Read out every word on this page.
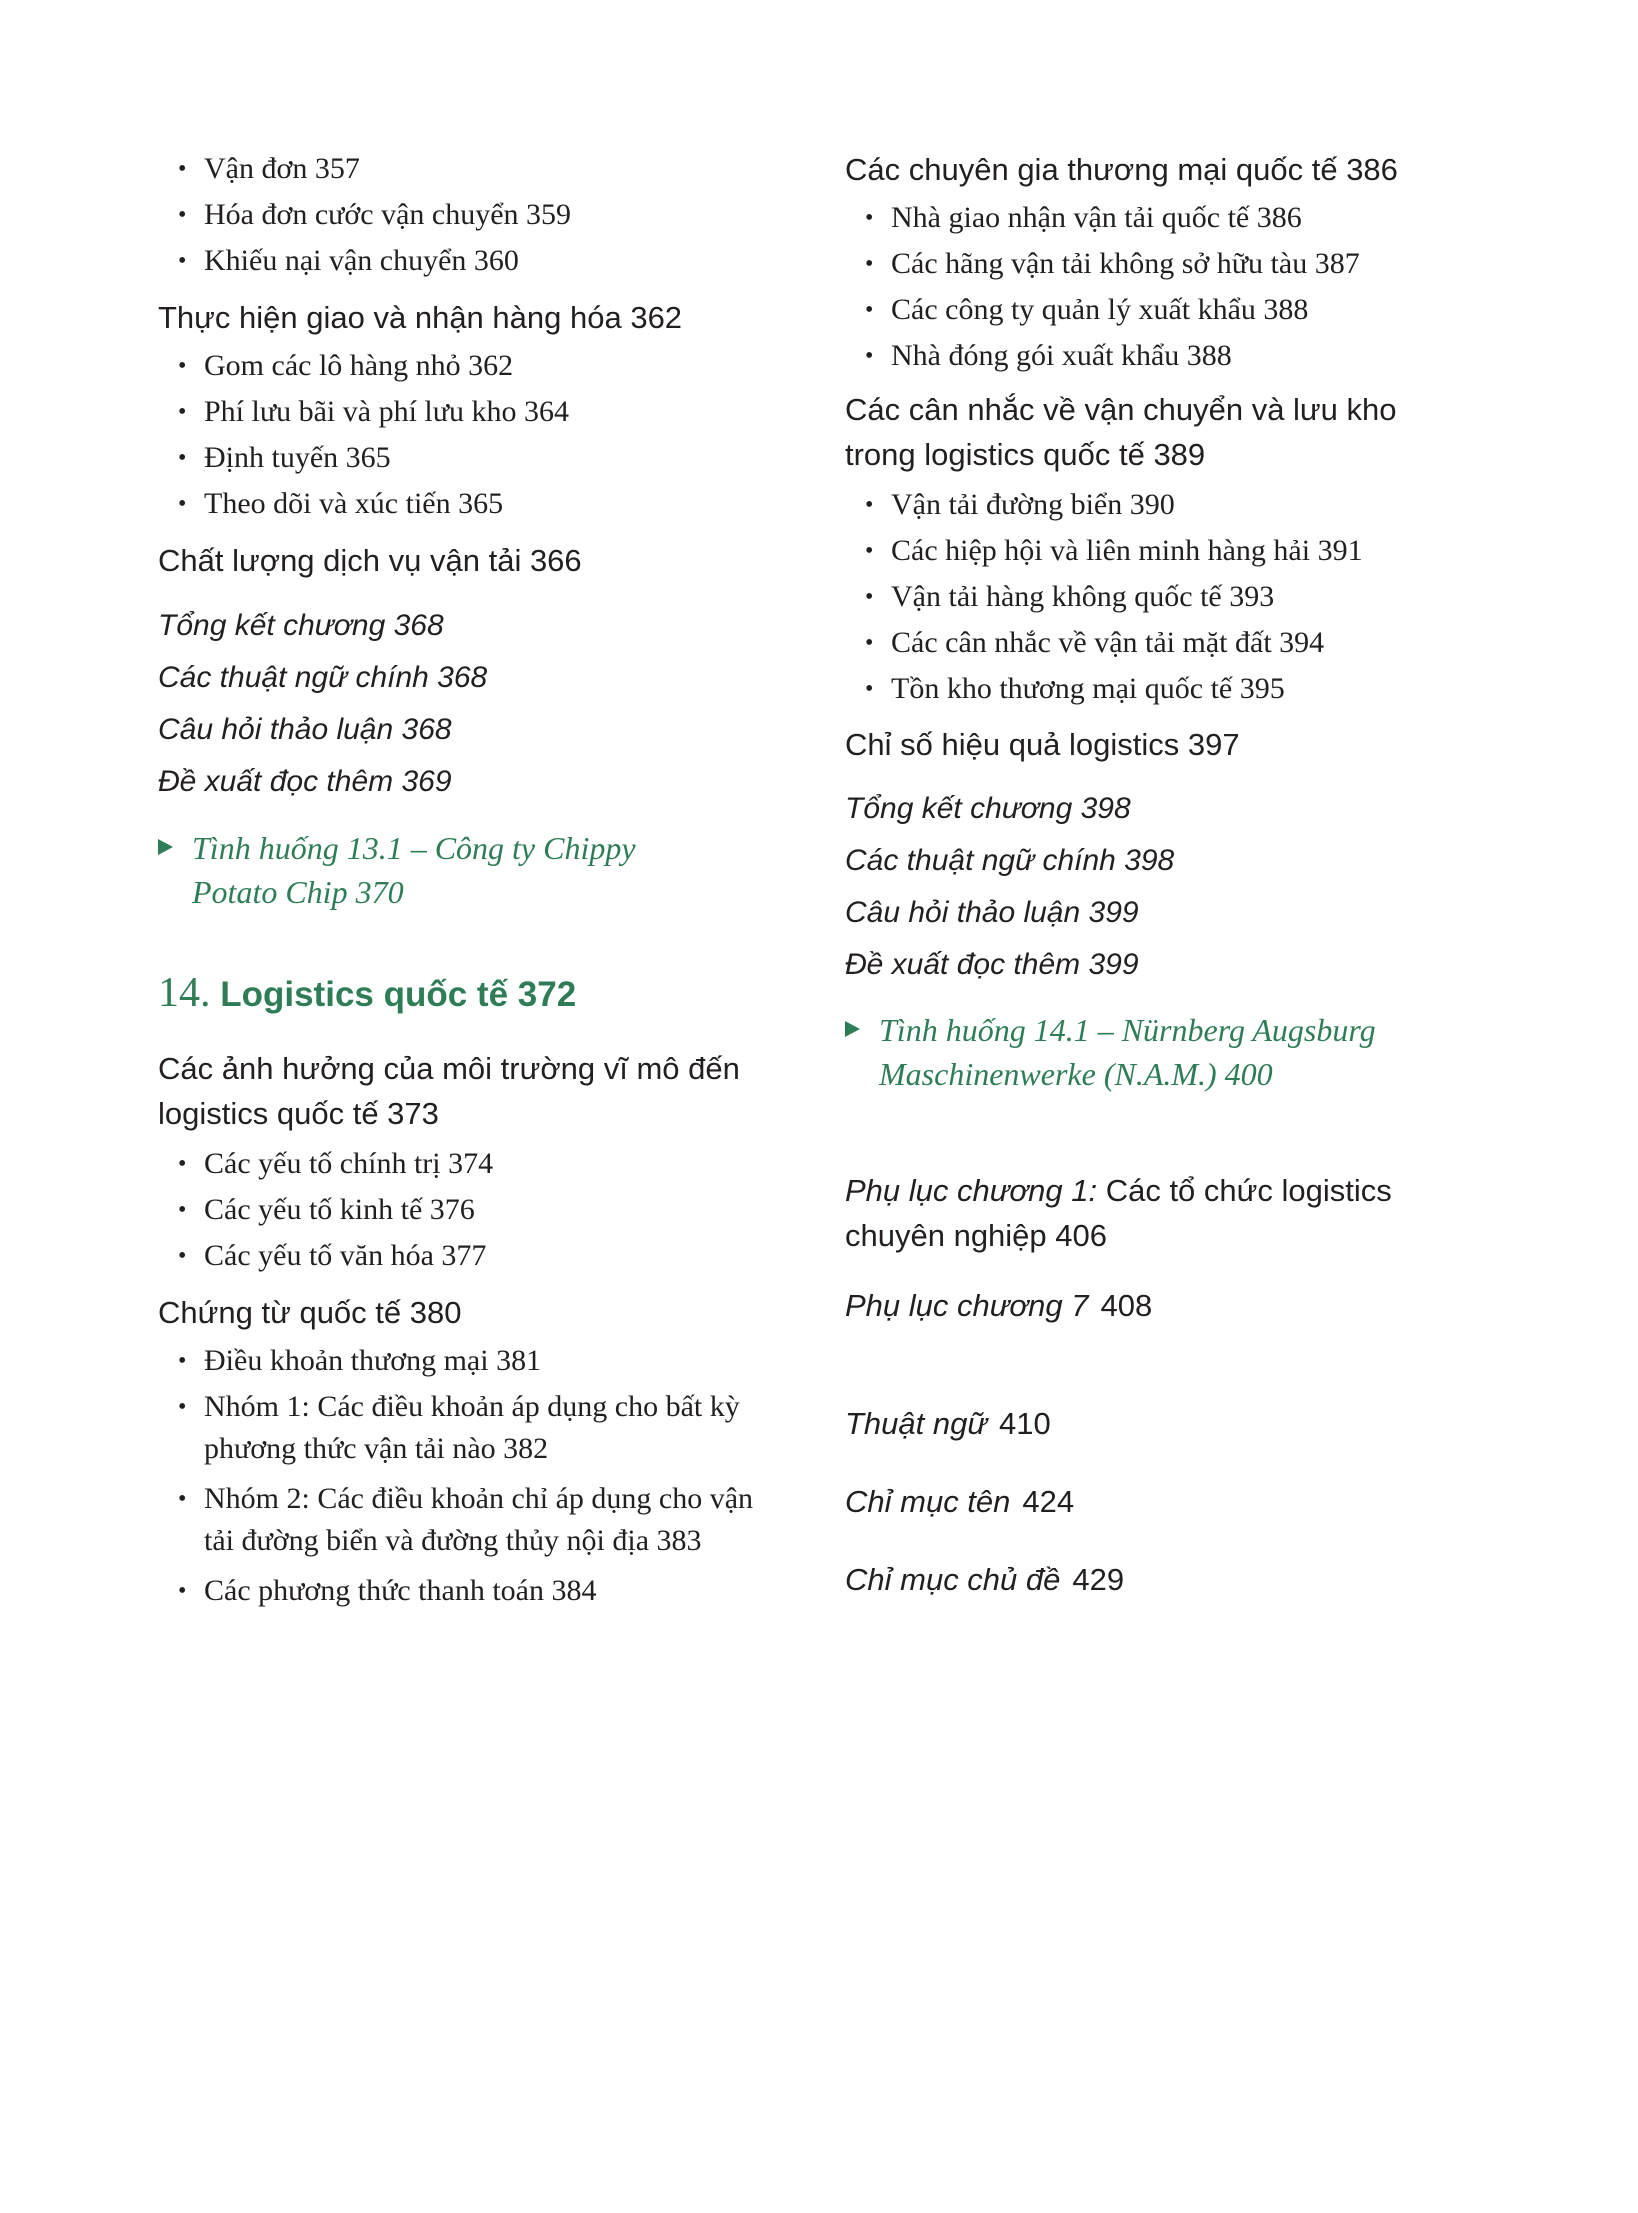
• Vận đơn 357
• Hóa đơn cước vận chuyển 359
• Khiếu nại vận chuyển 360
Thực hiện giao và nhận hàng hóa 362
• Gom các lô hàng nhỏ 362
• Phí lưu bãi và phí lưu kho 364
• Định tuyến 365
• Theo dõi và xúc tiến 365
Chất lượng dịch vụ vận tải 366
Tổng kết chương 368
Các thuật ngữ chính 368
Câu hỏi thảo luận 368
Đề xuất đọc thêm 369
Tình huống 13.1 – Công ty Chippy
Potato Chip 370
14. Logistics quốc tế 372
Các ảnh hưởng của môi trường vĩ mô đến
logistics quốc tế 373
• Các yếu tố chính trị 374
• Các yếu tố kinh tế 376
• Các yếu tố văn hóa 377
Chứng từ quốc tế 380
• Điều khoản thương mại 381
• Nhóm 1: Các điều khoản áp dụng cho bất kỳ
phương thức vận tải nào 382
• Nhóm 2: Các điều khoản chỉ áp dụng cho vận
tải đường biển và đường thủy nội địa 383
• Các phương thức thanh toán 384
Các chuyên gia thương mại quốc tế 386
• Nhà giao nhận vận tải quốc tế 386
• Các hãng vận tải không sở hữu tàu 387
• Các công ty quản lý xuất khẩu 388
• Nhà đóng gói xuất khẩu 388
Các cân nhắc về vận chuyển và lưu kho
trong logistics quốc tế 389
• Vận tải đường biển 390
• Các hiệp hội và liên minh hàng hải 391
• Vận tải hàng không quốc tế 393
• Các cân nhắc về vận tải mặt đất 394
• Tồn kho thương mại quốc tế 395
Chỉ số hiệu quả logistics 397
Tổng kết chương 398
Các thuật ngữ chính 398
Câu hỏi thảo luận 399
Đề xuất đọc thêm 399
Tình huống 14.1 – Nürnberg Augsburg
Maschinenwerke (N.A.M.) 400
Phụ lục chương 1: Các tổ chức logistics
chuyên nghiệp 406
Phụ lục chương 7 408
Thuật ngữ 410
Chỉ mục tên 424
Chỉ mục chủ đề 429
